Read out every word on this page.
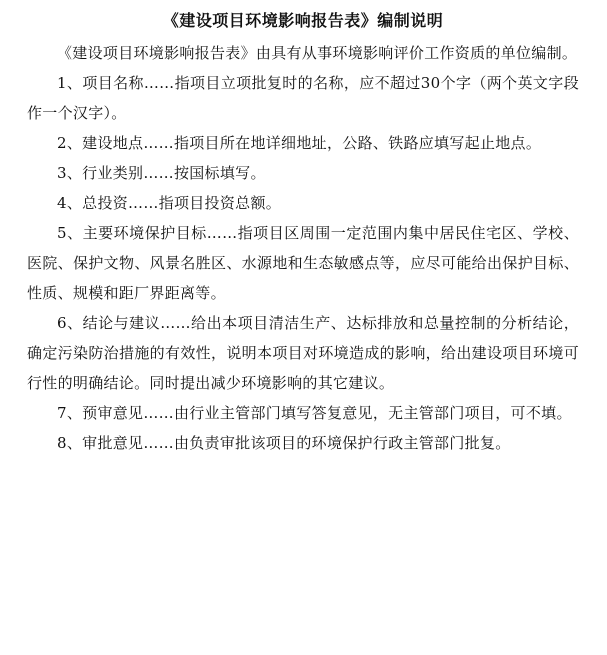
《建设项目环境影响报告表》编制说明

《建设项目环境影响报告表》由具有从事环境影响评价工作资质的单位编制。

1、项目名称……指项目立项批复时的名称，应不超过30个字（两个英文字段作一个汉字）。

2、建设地点……指项目所在地详细地址，公路、铁路应填写起止地点。

3、行业类别……按国标填写。

4、总投资……指项目投资总额。

5、主要环境保护目标……指项目区周围一定范围内集中居民住宅区、学校、医院、保护文物、风景名胜区、水源地和生态敏感点等，应尽可能给出保护目标、性质、规模和距厂界距离等。

6、结论与建议……给出本项目清洁生产、达标排放和总量控制的分析结论，确定污染防治措施的有效性，说明本项目对环境造成的影响，给出建设项目环境可行性的明确结论。同时提出减少环境影响的其它建议。

7、预审意见……由行业主管部门填写答复意见，无主管部门项目，可不填。

8、审批意见……由负责审批该项目的环境保护行政主管部门批复。
